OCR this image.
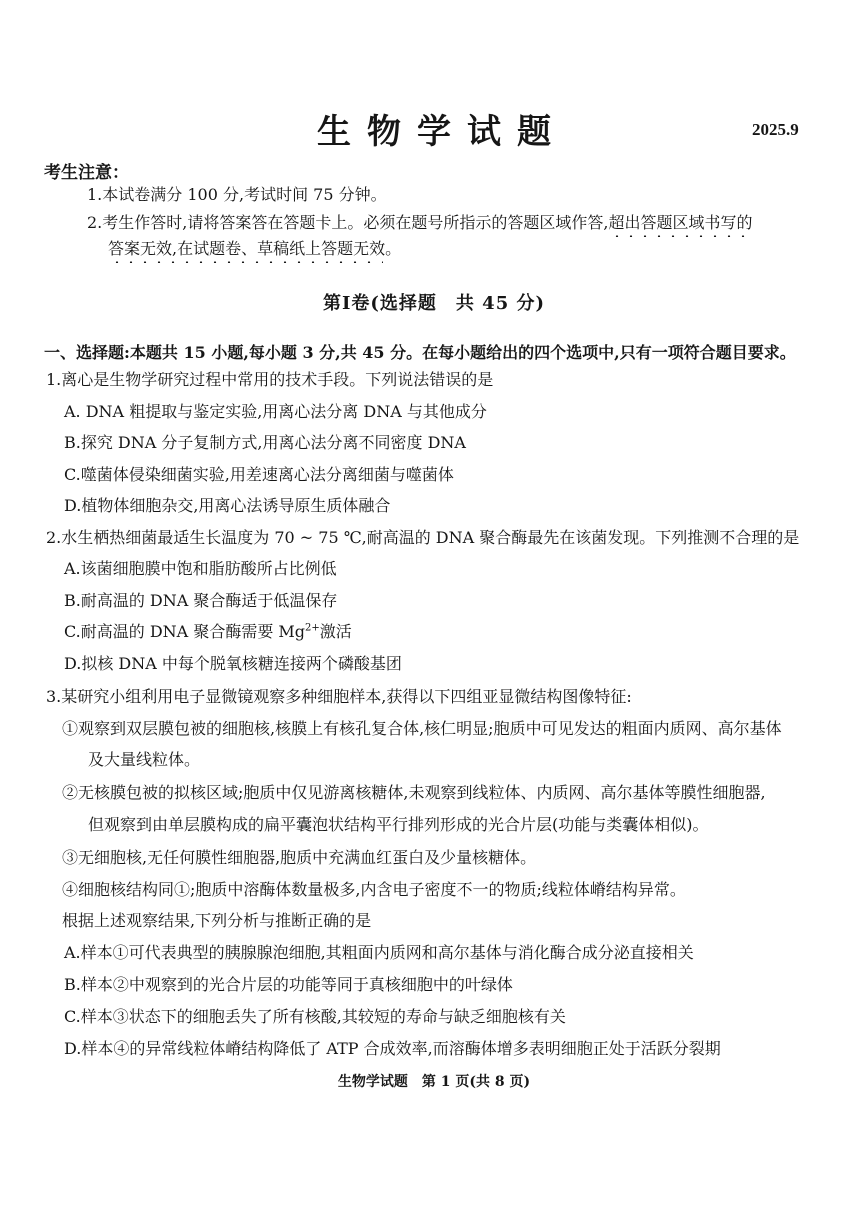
生物学试题	2025.9
考生注意：
1.本试卷满分 100 分,考试时间 75 分钟。
2.考生作答时,请将答案答在答题卡上。必须在题号所指示的答题区域作答,超出答题区域书写的
答案无效,在试题卷、草稿纸上答题无效。
第Ⅰ卷(选择题　共 45 分)
一、选择题:本题共 15 小题,每小题 3 分,共 45 分。在每小题给出的四个选项中,只有一项符合题目要求。
1.离心是生物学研究过程中常用的技术手段。下列说法错误的是
A. DNA 粗提取与鉴定实验,用离心法分离 DNA 与其他成分
B.探究 DNA 分子复制方式,用离心法分离不同密度 DNA
C.噬菌体侵染细菌实验,用差速离心法分离细菌与噬菌体
D.植物体细胞杂交,用离心法诱导原生质体融合
2.水生栖热细菌最适生长温度为 70 ~ 75 ℃,耐高温的 DNA 聚合酶最先在该菌发现。下列推测不合理的是
A.该菌细胞膜中饱和脂肪酸所占比例低
B.耐高温的 DNA 聚合酶适于低温保存
C.耐高温的 DNA 聚合酶需要 $Mg^{2+}$激活
D.拟核 DNA 中每个脱氧核糖连接两个磷酸基团
3.某研究小组利用电子显微镜观察多种细胞样本,获得以下四组亚显微结构图像特征:
①观察到双层膜包被的细胞核,核膜上有核孔复合体,核仁明显;胞质中可见发达的粗面内质网、高尔基体
及大量线粒体。
②无核膜包被的拟核区域;胞质中仅见游离核糖体,未观察到线粒体、内质网、高尔基体等膜性细胞器,
但观察到由单层膜构成的扁平囊泡状结构平行排列形成的光合片层(功能与类囊体相似)。
③无细胞核,无任何膜性细胞器,胞质中充满血红蛋白及少量核糖体。
④细胞核结构同①;胞质中溶酶体数量极多,内含电子密度不一的物质;线粒体嵴结构异常。
根据上述观察结果,下列分析与推断正确的是
A.样本①可代表典型的胰腺腺泡细胞,其粗面内质网和高尔基体与消化酶合成分泌直接相关
B.样本②中观察到的光合片层的功能等同于真核细胞中的叶绿体
C.样本③状态下的细胞丢失了所有核酸,其较短的寿命与缺乏细胞核有关
D.样本④的异常线粒体嵴结构降低了 ATP 合成效率,而溶酶体增多表明细胞正处于活跃分裂期
生物学试题　第 1 页(共 8 页)
